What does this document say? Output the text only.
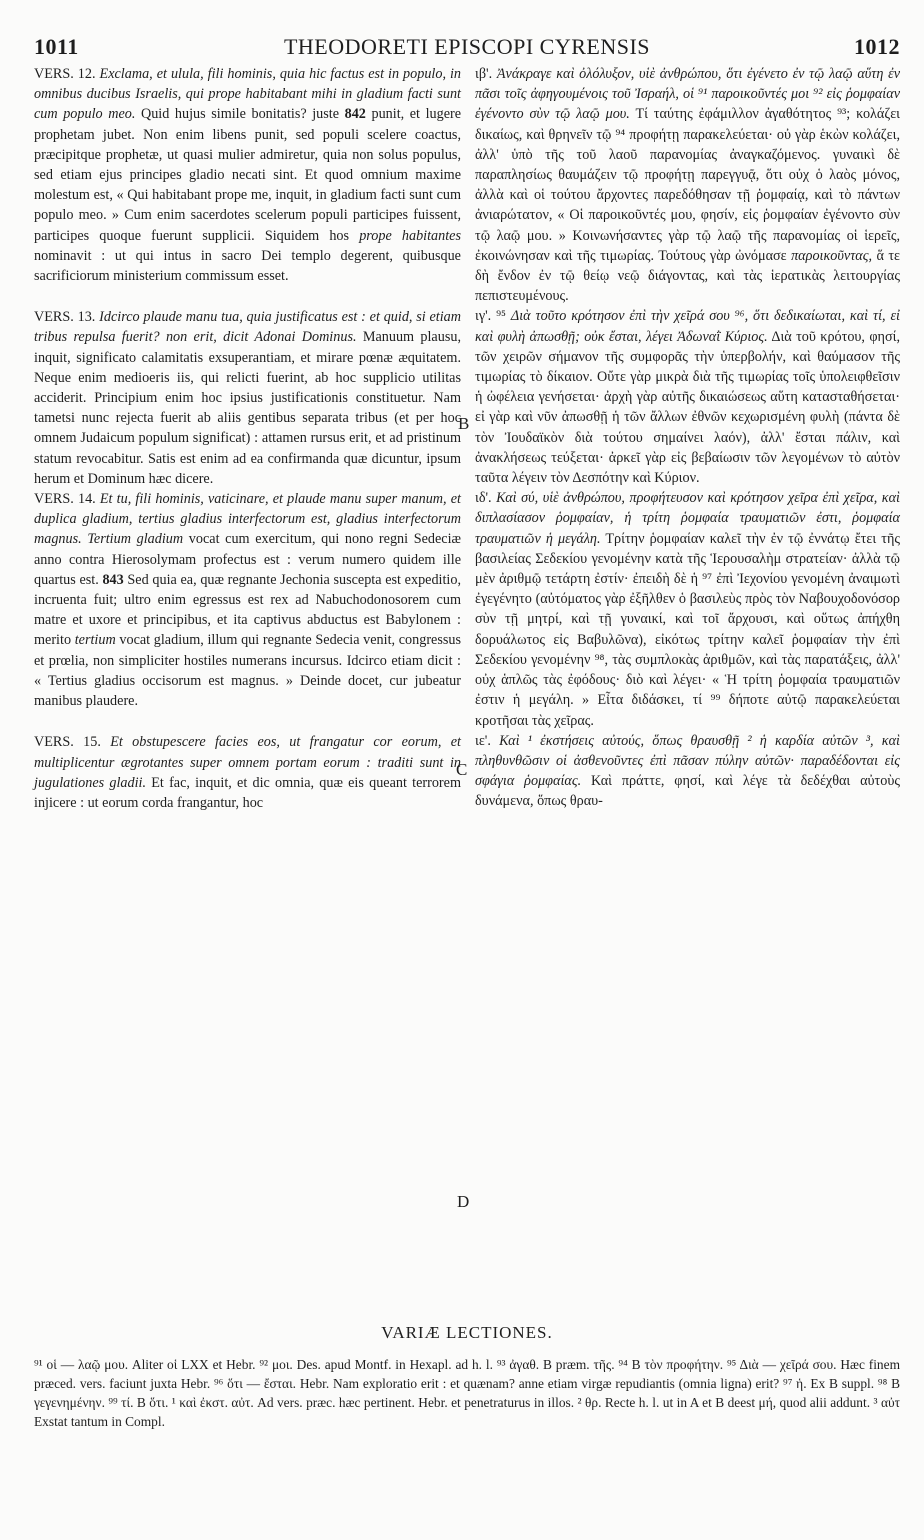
1011	THEODORETI EPISCOPI CYRENSIS	1012
B
C
D

VERS. 12. Exclama, et ulula, fili hominis, quia hic factus est in populo, in omnibus ducibus Israelis, qui prope habitabant mihi in gladium facti sunt cum populo meo. Quid hujus simile bonitatis? juste 842 punit, et lugere prophetam jubet. Non enim libens punit, sed populi scelere coactus, præcipitque prophetæ, ut quasi mulier admiretur, quia non solus populus, sed etiam ejus principes gladio necati sint. Et quod omnium maxime molestum est, « Qui habitabant prope me, inquit, in gladium facti sunt cum populo meo. » Cum enim sacerdotes scelerum populi participes fuissent, participes quoque fuerunt supplicii. Siquidem hos prope habitantes nominavit : ut qui intus in sacro Dei templo degerent, quibusque sacrificiorum ministerium commissum esset.

VERS. 13. Idcirco plaude manu tua, quia justificatus est : et quid, si etiam tribus repulsa fuerit? non erit, dicit Adonai Dominus. Manuum plausu, inquit, significato calamitatis exsuperantiam, et mirare pœnæ æquitatem. Neque enim medioeris iis, qui relicti fuerint, ab hoc supplicio utilitas acciderit. Principium enim hoc ipsius justificationis constituetur. Nam tametsi nunc rejecta fuerit ab aliis gentibus separata tribus (et per hoc omnem Judaicum populum significat) : attamen rursus erit, et ad pristinum statum revocabitur. Satis est enim ad ea confirmanda quæ dicuntur, ipsum herum et Dominum hæc dicere.

VERS. 14. Et tu, fili hominis, vaticinare, et plaude manu super manum, et duplica gladium, tertius gladius interfectorum est, gladius interfectorum magnus. Tertium gladium vocat cum exercitum, qui nono regni Sedeciæ anno contra Hierosolymam profectus est : verum numero quidem ille quartus est. 843 Sed quia ea, quæ regnante Jechonia suscepta est expeditio, incruenta fuit; ultro enim egressus est rex ad Nabuchodonosorem cum matre et uxore et principibus, et ita captivus abductus est Babylonem : merito tertium vocat gladium, illum qui regnante Sedecia venit, congressus et prœlia, non simpliciter hostiles numerans incursus. Idcirco etiam dicit : « Tertius gladius occisorum est magnus. » Deinde docet, cur jubeatur manibus plaudere.

VERS. 15. Et obstupescere facies eos, ut frangatur cor eorum, et multiplicentur ægrotantes super omnem portam eorum : traditi sunt in jugulationes gladii. Et fac, inquit, et dic omnia, quæ eis queant terrorem injicere : ut eorum corda frangantur, hoc

ιβ'. Ἀνάκραγε καὶ ὀλόλυξον, υἱὲ ἀνθρώπου, ὅτι ἐγένετο ἐν τῷ λαῷ αὕτη ἐν πᾶσι τοῖς ἀφηγουμένοις τοῦ Ἰσραήλ, οἱ ⁹¹ παροικοῦντές μοι ⁹² εἰς ῥομφαίαν ἐγένοντο σὺν τῷ λαῷ μου. Τί ταύτης ἐφάμιλλον ἀγαθότητος ⁹³; κολάζει δικαίως, καὶ θρηνεῖν τῷ ⁹⁴ προφήτῃ παρακελεύεται· οὐ γὰρ ἑκὼν κολάζει, ἀλλ' ὑπὸ τῆς τοῦ λαοῦ παρανομίας ἀναγκαζόμενος. γυναικὶ δὲ παραπλησίως θαυμάζειν τῷ προφήτῃ παρεγγυᾷ, ὅτι οὐχ ὁ λαὸς μόνος, ἀλλὰ καὶ οἱ τούτου ἄρχοντες παρεδόθησαν τῇ ῥομφαίᾳ, καὶ τὸ πάντων ἀνιαρώτατον, « Οἱ παροικοῦντές μου, φησίν, εἰς ῥομφαίαν ἐγένοντο σὺν τῷ λαῷ μου. » Κοινωνήσαντες γὰρ τῷ λαῷ τῆς παρανομίας οἱ ἱερεῖς, ἐκοινώνησαν καὶ τῆς τιμωρίας. Τούτους γὰρ ὠνόμασε παροικοῦντας, ἅ τε δὴ ἔνδον ἐν τῷ θείῳ νεῷ διάγοντας, καὶ τὰς ἱερατικὰς λειτουργίας πεπιστευμένους.

ιγ'. ⁹⁵ Διὰ τοῦτο κρότησον ἐπὶ τὴν χεῖρά σου ⁹⁶, ὅτι δεδικαίωται, καὶ τί, εἰ καὶ φυλὴ ἀπωσθῇ; οὐκ ἔσται, λέγει Ἀδωναῒ Κύριος. Διὰ τοῦ κρότου, φησί, τῶν χειρῶν σήμανον τῆς συμφορᾶς τὴν ὑπερβολήν, καὶ θαύμασον τῆς τιμωρίας τὸ δίκαιον. Οὔτε γὰρ μικρὰ διὰ τῆς τιμωρίας τοῖς ὑπολειφθεῖσιν ἡ ὠφέλεια γενήσεται· ἀρχὴ γὰρ αὐτῆς δικαιώσεως αὕτη κατασταθήσεται· εἰ γὰρ καὶ νῦν ἀπωσθῇ ἡ τῶν ἄλλων ἐθνῶν κεχωρισμένη φυλὴ (πάντα δὲ τὸν Ἰουδαϊκὸν διὰ τούτου σημαίνει λαόν), ἀλλ' ἔσται πάλιν, καὶ ἀνακλήσεως τεύξεται· ἀρκεῖ γὰρ εἰς βεβαίωσιν τῶν λεγομένων τὸ αὐτὸν ταῦτα λέγειν τὸν Δεσπότην καὶ Κύριον.

ιδ'. Καὶ σύ, υἱὲ ἀνθρώπου, προφήτευσον καὶ κρότησον χεῖρα ἐπὶ χεῖρα, καὶ διπλασίασον ῥομφαίαν, ἡ τρίτη ῥομφαία τραυματιῶν ἐστι, ῥομφαία τραυματιῶν ἡ μεγάλη. Τρίτην ῥομφαίαν καλεῖ τὴν ἐν τῷ ἐννάτῳ ἔτει τῆς βασιλείας Σεδεκίου γενομένην κατὰ τῆς Ἱερουσαλὴμ στρατείαν· ἀλλὰ τῷ μὲν ἀριθμῷ τετάρτη ἐστίν· ἐπειδὴ δὲ ἡ ⁹⁷ ἐπὶ Ἰεχονίου γενομένη ἀναιμωτὶ ἐγεγένητο (αὐτόματος γὰρ ἐξῆλθεν ὁ βασιλεὺς πρὸς τὸν Ναβουχοδονόσορ σὺν τῇ μητρί, καὶ τῇ γυναικί, καὶ τοῖ ἄρχουσι, καὶ οὕτως ἀπήχθη δορυάλωτος εἰς Βαβυλῶνα), εἰκότως τρίτην καλεῖ ῥομφαίαν τὴν ἐπὶ Σεδεκίου γενομένην ⁹⁸, τὰς συμπλοκὰς ἀριθμῶν, καὶ τὰς παρατάξεις, ἀλλ' οὐχ ἁπλῶς τὰς ἐφόδους· διὸ καὶ λέγει· « Ἡ τρίτη ῥομφαία τραυματιῶν ἐστιν ἡ μεγάλη. » Εἶτα διδάσκει, τί ⁹⁹ δήποτε αὐτῷ παρακελεύεται κροτῆσαι τὰς χεῖρας.

ιε'. Καὶ ¹ ἐκστήσεις αὐτούς, ὅπως θραυσθῇ ² ἡ καρδία αὐτῶν ³, καὶ πληθυνθῶσιν οἱ ἀσθενοῦντες ἐπὶ πᾶσαν πύλην αὐτῶν· παραδέδονται εἰς σφάγια ῥομφαίας. Καὶ πράττε, φησί, καὶ λέγε τὰ δεδέχθαι αὐτοὺς δυνάμενα, ὅπως θραυ-

VARIÆ LECTIONES.

⁹¹ οἱ — λαῷ μου. Aliter οἱ LXX et Hebr. ⁹² μοι. Des. apud Montf. in Hexapl. ad h. l. ⁹³ ἀγαθ. B præm. τῆς. ⁹⁴ B τὸν προφήτην. ⁹⁵ Διὰ — χεῖρά σου. Hæc finem præced. vers. faciunt juxta Hebr. ⁹⁶ ὅτι — ἔσται. Hebr. Nam exploratio erit : et quænam? anne etiam virgæ repudiantis (omnia ligna) erit? ⁹⁷ ἡ. Ex B suppl. ⁹⁸ B γεγενημένην. ⁹⁹ τί. B ὅτι. ¹ καὶ ἐκστ. αὐτ. Ad vers. præc. hæc pertinent. Hebr. et penetraturus in illos. ² θρ. Recte h. l. ut in A et B deest μή, quod alii addunt. ³ αὐτ Exstat tantum in Compl.
